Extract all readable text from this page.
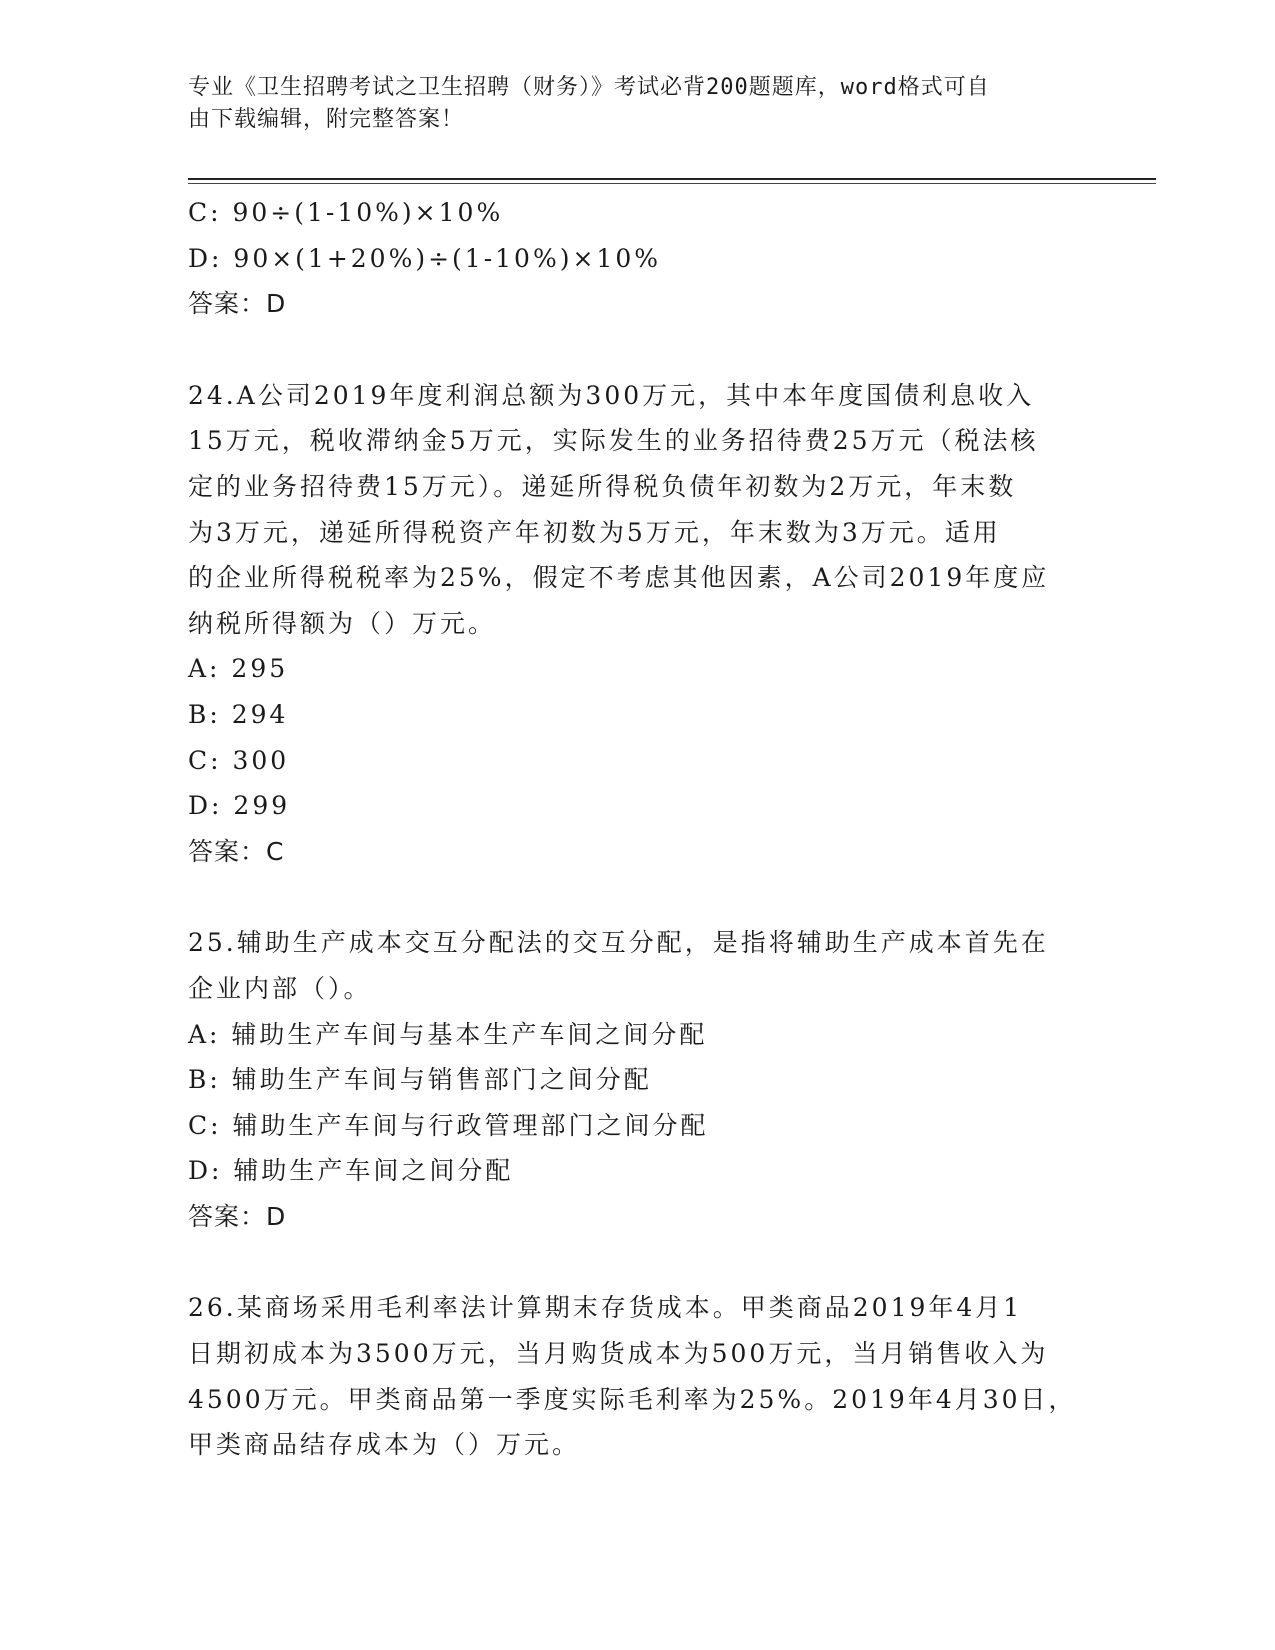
专业《卫生招聘考试之卫生招聘（财务）》考试必背200题题库，word格式可自
由下载编辑，附完整答案！
C: 90÷(1-10%)×10%
D: 90×(1+20%)÷(1-10%)×10%
答案：D
24.A公司2019年度利润总额为300万元，其中本年度国债利息收入
15万元，税收滞纳金5万元，实际发生的业务招待费25万元（税法核
定的业务招待费15万元）。递延所得税负债年初数为2万元，年末数
为3万元，递延所得税资产年初数为5万元，年末数为3万元。适用
的企业所得税税率为25%，假定不考虑其他因素，A公司2019年度应
纳税所得额为（）万元。
A: 295
B: 294
C: 300
D: 299
答案：C
25.辅助生产成本交互分配法的交互分配，是指将辅助生产成本首先在
企业内部（）。
A: 辅助生产车间与基本生产车间之间分配
B: 辅助生产车间与销售部门之间分配
C: 辅助生产车间与行政管理部门之间分配
D: 辅助生产车间之间分配
答案：D
26.某商场采用毛利率法计算期末存货成本。甲类商品2019年4月1
日期初成本为3500万元，当月购货成本为500万元，当月销售收入为
4500万元。甲类商品第一季度实际毛利率为25%。2019年4月30日，
甲类商品结存成本为（）万元。
